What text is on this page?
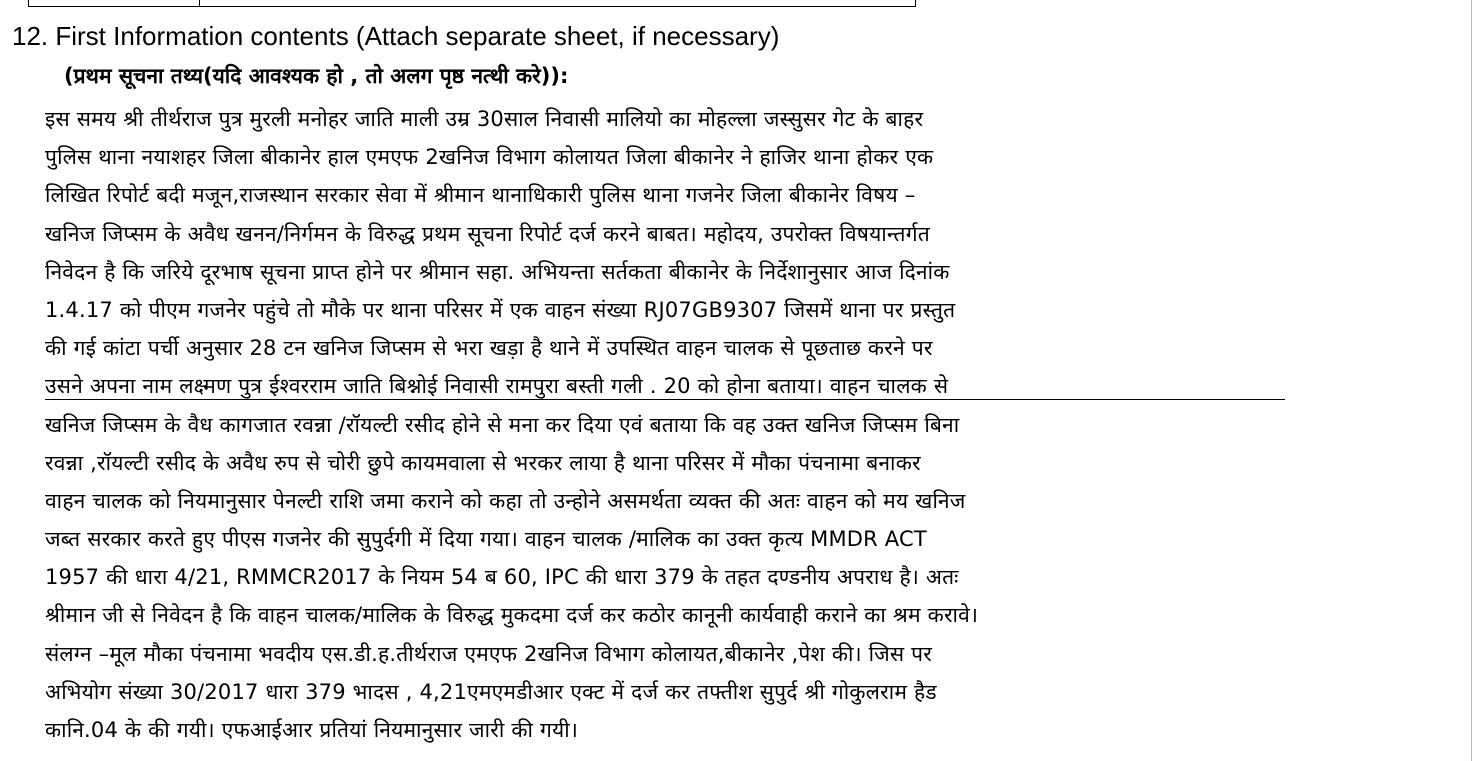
12. First Information contents (Attach separate sheet, if necessary)
(प्रथम सूचना तथ्य(यदि आवश्यक हो , तो अलग पृष्ठ नत्थी करे)):
इस समय श्री तीर्थराज पुत्र मुरली मनोहर जाति माली उम्र 30साल निवासी मालियो का मोहल्ला जस्सुसर गेट के बाहर
पुलिस थाना नयाशहर जिला बीकानेर हाल एमएफ 2खनिज विभाग कोलायत जिला बीकानेर ने हाजिर थाना होकर एक
लिखित रिपोर्ट बदी मजून,राजस्थान सरकार सेवा में श्रीमान थानाधिकारी पुलिस थाना गजनेर जिला बीकानेर विषय –
खनिज जिप्सम के अवैध खनन/निर्गमन के विरुद्ध प्रथम सूचना रिपोर्ट दर्ज करने बाबत। महोदय, उपरोक्त विषयान्तर्गत
निवेदन है कि जरिये दूरभाष सूचना प्राप्त होने पर श्रीमान सहा. अभियन्ता सर्तकता बीकानेर के निर्देशानुसार आज दिनांक
1.4.17 को पीएम गजनेर पहुंचे तो मौके पर थाना परिसर में एक वाहन संख्या RJ07GB9307 जिसमें थाना पर प्रस्तुत
की गई कांटा पर्ची अनुसार 28 टन खनिज जिप्सम से भरा खड़ा है थाने में उपस्थित वाहन चालक से पूछताछ करने पर
उसने अपना नाम लक्ष्मण पुत्र ईश्वरराम जाति बिश्नोई निवासी रामपुरा बस्ती गली . 20 को होना बताया। वाहन चालक से
खनिज जिप्सम के वैध कागजात रवन्ना /रॉयल्टी रसीद होने से मना कर दिया एवं बताया कि वह उक्त खनिज जिप्सम बिना
रवन्ना ,रॉयल्टी रसीद के अवैध रुप से चोरी छुपे कायमवाला से भरकर लाया है थाना परिसर में मौका पंचनामा बनाकर
वाहन चालक को नियमानुसार पेनल्टी राशि जमा कराने को कहा तो उन्होने असमर्थता व्यक्त की अतः वाहन को मय खनिज
जब्त सरकार करते हुए पीएस गजनेर की सुपुर्दगी में दिया गया। वाहन चालक /मालिक का उक्त कृत्य MMDR ACT
1957 की धारा 4/21, RMMCR2017 के नियम 54 ब 60, IPC की धारा 379 के तहत दण्डनीय अपराध है। अतः
श्रीमान जी से निवेदन है कि वाहन चालक/मालिक के विरुद्ध मुकदमा दर्ज कर कठोर कानूनी कार्यवाही कराने का श्रम करावे।
संलग्न –मूल मौका पंचनामा भवदीय एस.डी.ह.तीर्थराज एमएफ 2खनिज विभाग कोलायत,बीकानेर ,पेश की। जिस पर
अभियोग संख्या 30/2017 धारा 379 भादस , 4,21एमएमडीआर एक्ट में दर्ज कर तफ्तीश सुपुर्द श्री गोकुलराम हैड
कानि.04 के की गयी। एफआईआर प्रतियां नियमानुसार जारी की गयी।
